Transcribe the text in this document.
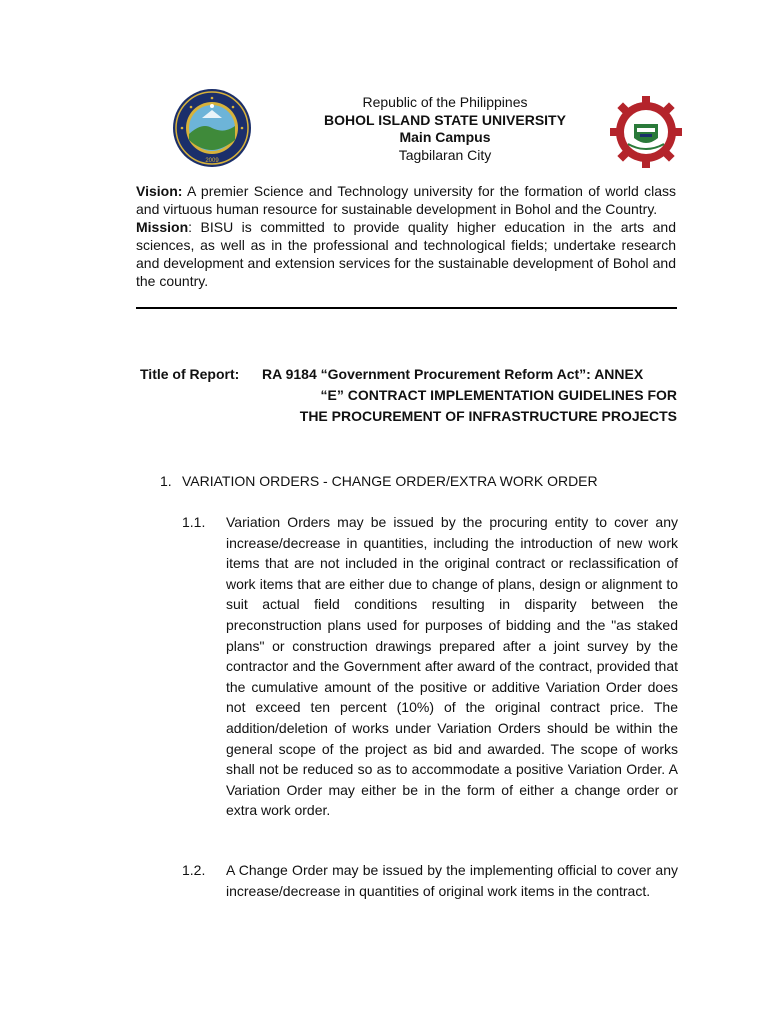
2009
Republic of the Philippines
BOHOL ISLAND STATE UNIVERSITY
Main Campus
Tagbilaran City

Vision: A premier Science and Technology university for the formation of world class and virtuous human resource for sustainable development in Bohol and the Country.

Mission: BISU is committed to provide quality higher education in the arts and sciences, as well as in the professional and technological fields; undertake research and development and extension services for the sustainable development of Bohol and the country.

Title of Report: RA 9184 “Government Procurement Reform Act”: ANNEX
“E” CONTRACT IMPLEMENTATION GUIDELINES FOR
THE PROCUREMENT OF INFRASTRUCTURE PROJECTS
1. VARIATION ORDERS - CHANGE ORDER/EXTRA WORK ORDER
1.1. Variation Orders may be issued by the procuring entity to cover any increase/decrease in quantities, including the introduction of new work items that are not included in the original contract or reclassification of work items that are either due to change of plans, design or alignment to suit actual field conditions resulting in disparity between the preconstruction plans used for purposes of bidding and the "as staked plans" or construction drawings prepared after a joint survey by the contractor and the Government after award of the contract, provided that the cumulative amount of the positive or additive Variation Order does not exceed ten percent (10%) of the original contract price. The addition/deletion of works under Variation Orders should be within the general scope of the project as bid and awarded. The scope of works shall not be reduced so as to accommodate a positive Variation Order. A Variation Order may either be in the form of either a change order or extra work order.
1.2. A Change Order may be issued by the implementing official to cover any increase/decrease in quantities of original work items in the contract.
